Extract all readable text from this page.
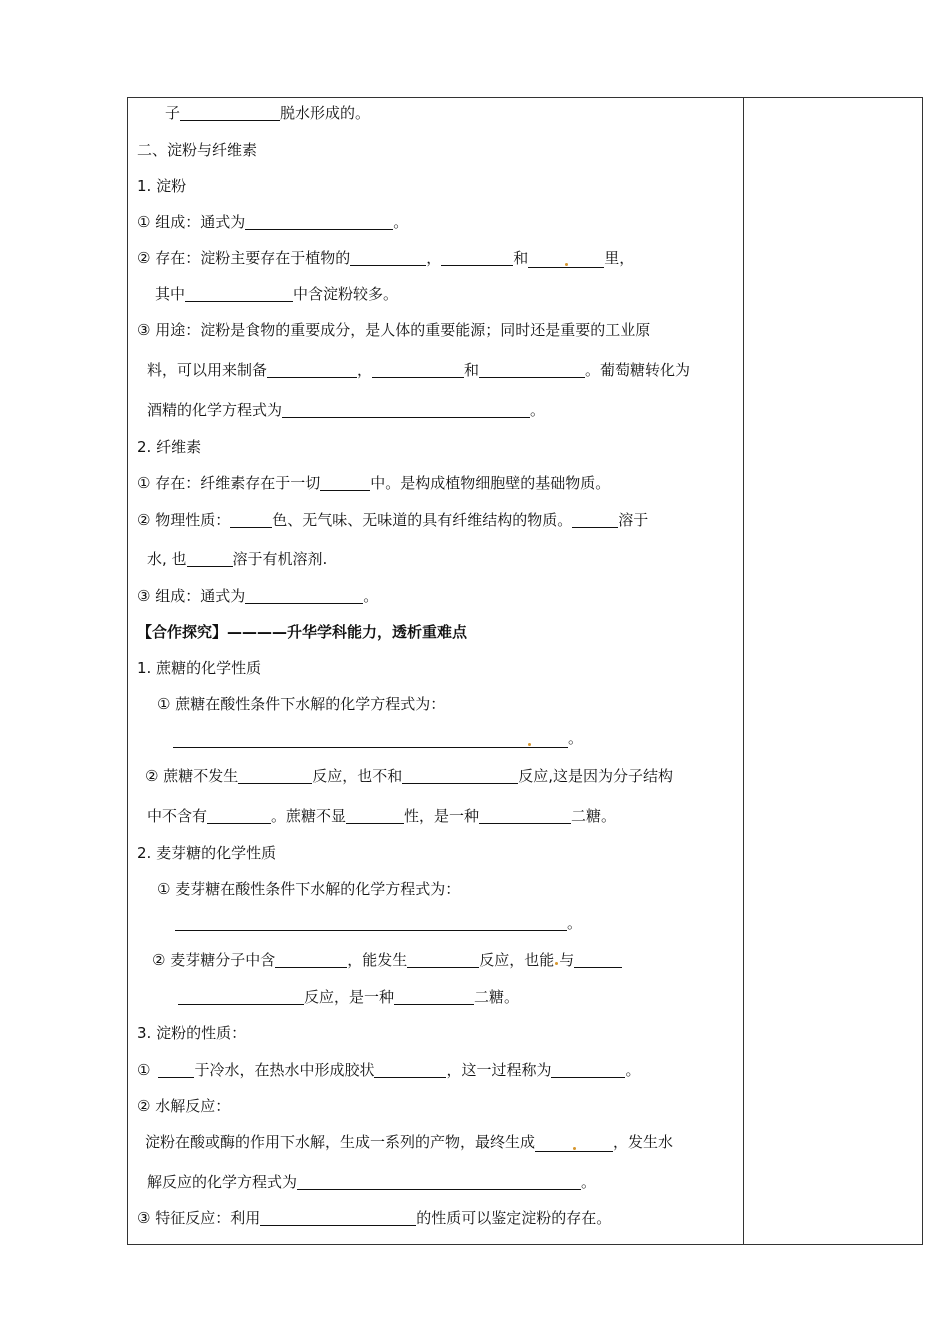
子	脱水形成的。
二、淀粉与纤维素
1. 淀粉
① 组成：通式为	。
② 存在：淀粉主要存在于植物的	，	和	里，
其中	中含淀粉较多。
③ 用途：淀粉是食物的重要成分，是人体的重要能源；同时还是重要的工业原
料，可以用来制备	，	和	。葡萄糖转化为
酒精的化学方程式为	。
2. 纤维素
① 存在：纤维素存在于一切	中。是构成植物细胞壁的基础物质。
② 物理性质：	色、无气味、无味道的具有纤维结构的物质。	溶于
水, 也	溶于有机溶剂.
③ 组成：通式为	。
【合作探究】————升华学科能力，透析重难点
1. 蔗糖的化学性质
① 蔗糖在酸性条件下水解的化学方程式为：
。
② 蔗糖不发生	反应，也不和	反应,这是因为分子结构
中不含有	。蔗糖不显	性，是一种	二糖。
2. 麦芽糖的化学性质
① 麦芽糖在酸性条件下水解的化学方程式为：
。
② 麦芽糖分子中含	，能发生	反应，也能 与
反应，是一种	二糖。
3. 淀粉的性质：
①	于冷水，在热水中形成胶状	，这一过程称为	。
② 水解反应：
淀粉在酸或酶的作用下水解，生成一系列的产物，最终生成	，发生水
解反应的化学方程式为	。
③ 特征反应：利用	的性质可以鉴定淀粉的存在。
